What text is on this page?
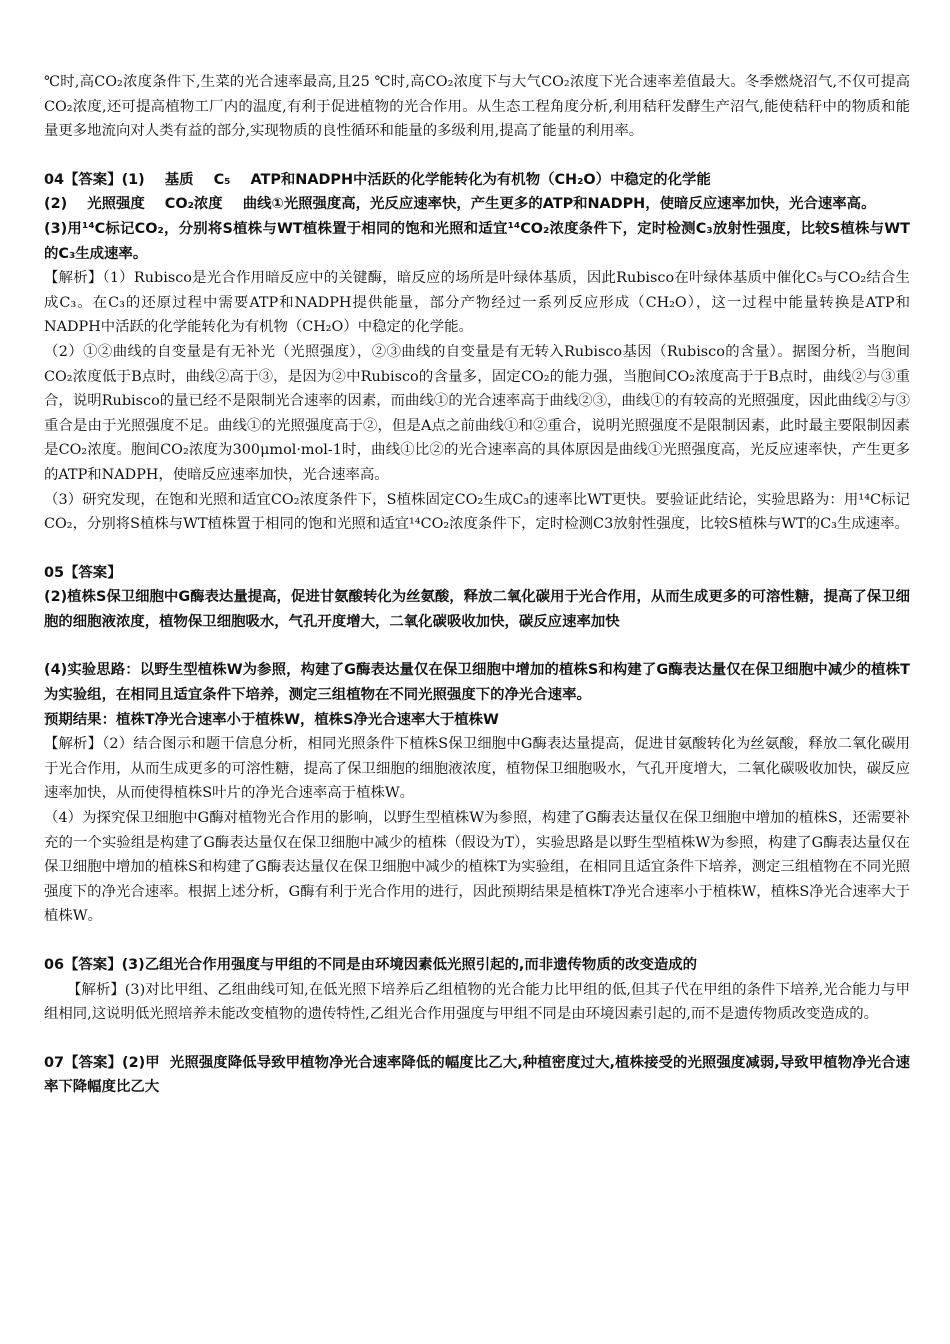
℃时,高CO₂浓度条件下,生菜的光合速率最高,且25 ℃时,高CO₂浓度下与大气CO₂浓度下光合速率差值最大。冬季燃烧沼气,不仅可提高CO₂浓度,还可提高植物工厂内的温度,有利于促进植物的光合作用。从生态工程角度分析,利用秸秆发酵生产沼气,能使秸秆中的物质和能量更多地流向对人类有益的部分,实现物质的良性循环和能量的多级利用,提高了能量的利用率。

04【答案】(1)    基质    C₅    ATP和NADPH中活跃的化学能转化为有机物（CH₂O）中稳定的化学能

(2)    光照强度    CO₂浓度    曲线①光照强度高，光反应速率快，产生更多的ATP和NADPH，使暗反应速率加快，光合速率高。

(3)用¹⁴C标记CO₂，分别将S植株与WT植株置于相同的饱和光照和适宜¹⁴CO₂浓度条件下，定时检测C₃放射性强度，比较S植株与WT的C₃生成速率。

【解析】（1）Rubisco是光合作用暗反应中的关键酶，暗反应的场所是叶绿体基质，因此Rubisco在叶绿体基质中催化C₅与CO₂结合生成C₃。在C₃的还原过程中需要ATP和NADPH提供能量，部分产物经过一系列反应形成（CH₂O），这一过程中能量转换是ATP和NADPH中活跃的化学能转化为有机物（CH₂O）中稳定的化学能。

（2）①②曲线的自变量是有无补光（光照强度），②③曲线的自变量是有无转入Rubisco基因（Rubisco的含量）。据图分析，当胞间CO₂浓度低于B点时，曲线②高于③，是因为②中Rubisco的含量多，固定CO₂的能力强，当胞间CO₂浓度高于于B点时，曲线②与③重合，说明Rubisco的量已经不是限制光合速率的因素，而曲线①的光合速率高于曲线②③，曲线①的有较高的光照强度，因此曲线②与③重合是由于光照强度不足。曲线①的光照强度高于②，但是A点之前曲线①和②重合，说明光照强度不是限制因素，此时最主要限制因素是CO₂浓度。胞间CO₂浓度为300μmol·mol-1时，曲线①比②的光合速率高的具体原因是曲线①光照强度高，光反应速率快，产生更多的ATP和NADPH，使暗反应速率加快，光合速率高。

（3）研究发现，在饱和光照和适宜CO₂浓度条件下，S植株固定CO₂生成C₃的速率比WT更快。要验证此结论，实验思路为：用¹⁴C标记CO₂，分别将S植株与WT植株置于相同的饱和光照和适宜¹⁴CO₂浓度条件下，定时检测C3放射性强度，比较S植株与WT的C₃生成速率。

05【答案】

(2)植株S保卫细胞中G酶表达量提高，促进甘氨酸转化为丝氨酸，释放二氧化碳用于光合作用，从而生成更多的可溶性糖，提高了保卫细胞的细胞液浓度，植物保卫细胞吸水，气孔开度增大，二氧化碳吸收加快，碳反应速率加快

(4)实验思路：以野生型植株W为参照，构建了G酶表达量仅在保卫细胞中增加的植株S和构建了G酶表达量仅在保卫细胞中减少的植株T为实验组，在相同且适宜条件下培养，测定三组植物在不同光照强度下的净光合速率。

预期结果：植株T净光合速率小于植株W，植株S净光合速率大于植株W

【解析】（2）结合图示和题干信息分析，相同光照条件下植株S保卫细胞中G酶表达量提高，促进甘氨酸转化为丝氨酸，释放二氧化碳用于光合作用，从而生成更多的可溶性糖，提高了保卫细胞的细胞液浓度，植物保卫细胞吸水，气孔开度增大，二氧化碳吸收加快，碳反应速率加快，从而使得植株S叶片的净光合速率高于植株W。

（4）为探究保卫细胞中G酶对植物光合作用的影响，以野生型植株W为参照，构建了G酶表达量仅在保卫细胞中增加的植株S，还需要补充的一个实验组是构建了G酶表达量仅在保卫细胞中减少的植株（假设为T），实验思路是以野生型植株W为参照，构建了G酶表达量仅在保卫细胞中增加的植株S和构建了G酶表达量仅在保卫细胞中减少的植株T为实验组，在相同且适宜条件下培养，测定三组植物在不同光照强度下的净光合速率。根据上述分析，G酶有利于光合作用的进行，因此预期结果是植株T净光合速率小于植株W，植株S净光合速率大于植株W。

06【答案】(3)乙组光合作用强度与甲组的不同是由环境因素低光照引起的,而非遗传物质的改变造成的

【解析】(3)对比甲组、乙组曲线可知,在低光照下培养后乙组植物的光合能力比甲组的低,但其子代在甲组的条件下培养,光合能力与甲组相同,这说明低光照培养未能改变植物的遗传特性,乙组光合作用强度与甲组不同是由环境因素引起的,而不是遗传物质改变造成的。

07【答案】(2)甲  光照强度降低导致甲植物净光合速率降低的幅度比乙大,种植密度过大,植株接受的光照强度减弱,导致甲植物净光合速率下降幅度比乙大
